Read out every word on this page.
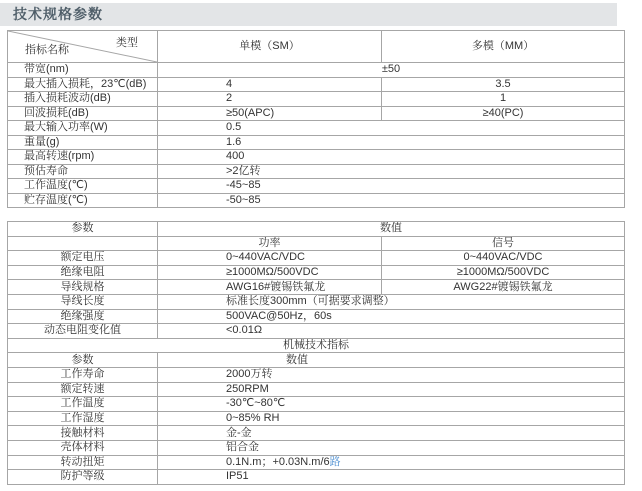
技术规格参数
类型
指标名称	单模（SM）	多模（MM）
带宽(nm)	±50	
最大插入损耗，23℃(dB)	4	3.5
插入损耗波动(dB)	2	1
回波损耗(dB)	≥50(APC)	≥40(PC)
最大输入功率(W)	0.5	
重量(g)	1.6	
最高转速(rpm)	400	
预估寿命	>2亿转	
工作温度(℃)	-45~85	
贮存温度(℃)	-50~85	
参数	数值	
	功率	信号
额定电压	0~440VAC/VDC	0~440VAC/VDC
绝缘电阻	≥1000MΩ/500VDC	≥1000MΩ/500VDC
导线规格	AWG16#镀锡铁氟龙	AWG22#镀锡铁氟龙
导线长度	标准长度300mm（可据要求调整）	
绝缘强度	500VAC@50Hz，60s	
动态电阻变化值	<0.01Ω	
机械技术指标		
参数	数值	
工作寿命	2000万转	
额定转速	250RPM	
工作温度	-30℃~80℃	
工作湿度	0~85% RH	
接触材料	金-金	
壳体材料	铝合金	
转动扭矩	0.1N.m；+0.03N.m/6路	
防护等级	IP51	
